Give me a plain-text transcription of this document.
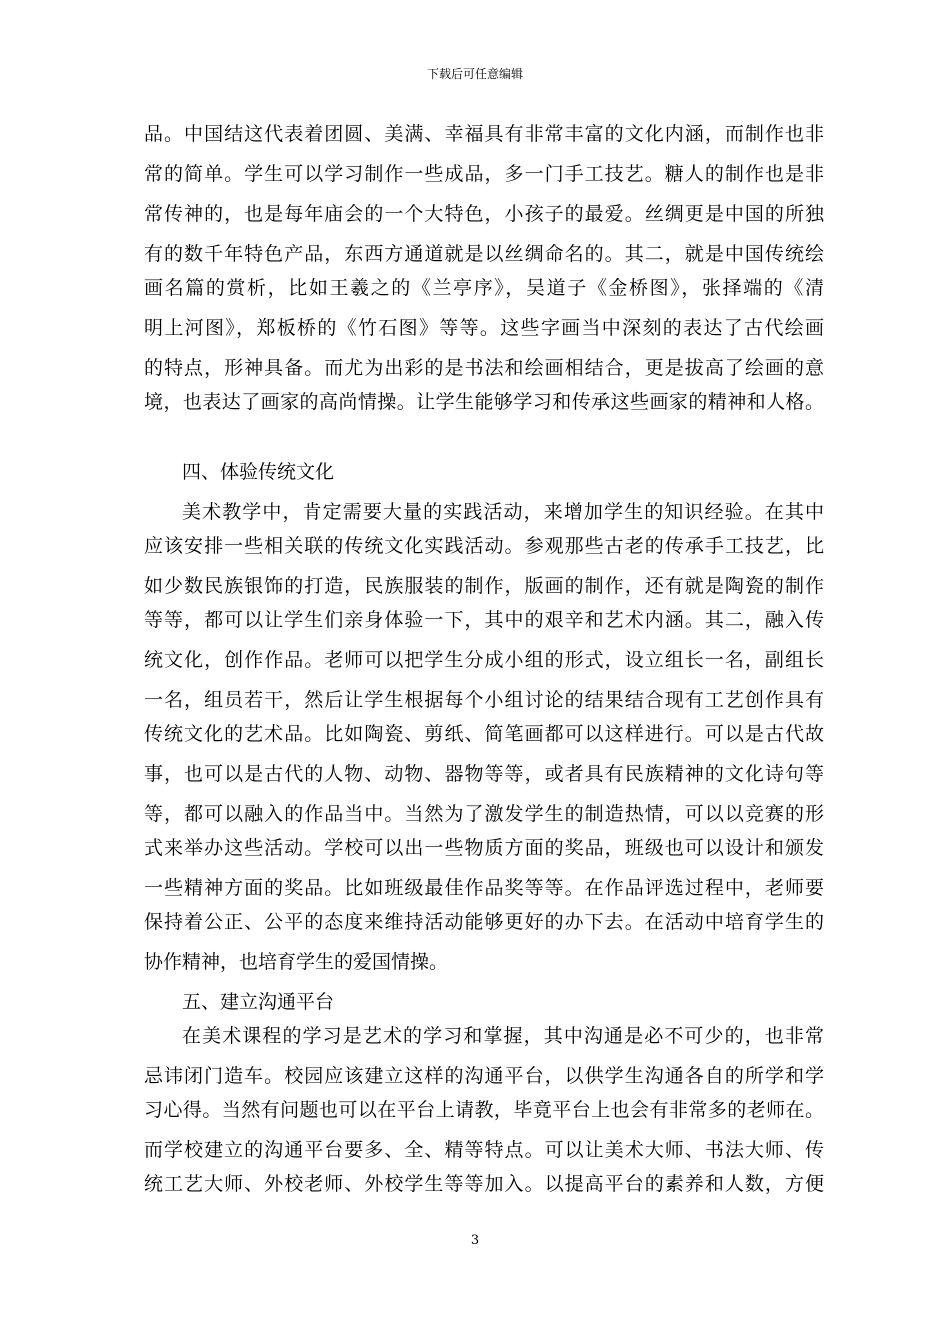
下载后可任意编辑
品。中国结这代表着团圆、美满、幸福具有非常丰富的文化内涵，而制作也非
常的简单。学生可以学习制作一些成品，多一门手工技艺。糖人的制作也是非
常传神的，也是每年庙会的一个大特色，小孩子的最爱。丝绸更是中国的所独
有的数千年特色产品，东西方通道就是以丝绸命名的。其二，就是中国传统绘
画名篇的赏析，比如王羲之的《兰亭序》，吴道子《金桥图》，张择端的《清
明上河图》，郑板桥的《竹石图》等等。这些字画当中深刻的表达了古代绘画
的特点，形神具备。而尤为出彩的是书法和绘画相结合，更是拔高了绘画的意
境，也表达了画家的高尚情操。让学生能够学习和传承这些画家的精神和人格。
四、体验传统文化
美术教学中，肯定需要大量的实践活动，来增加学生的知识经验。在其中
应该安排一些相关联的传统文化实践活动。参观那些古老的传承手工技艺，比
如少数民族银饰的打造，民族服装的制作，版画的制作，还有就是陶瓷的制作
等等，都可以让学生们亲身体验一下，其中的艰辛和艺术内涵。其二，融入传
统文化，创作作品。老师可以把学生分成小组的形式，设立组长一名，副组长
一名，组员若干，然后让学生根据每个小组讨论的结果结合现有工艺创作具有
传统文化的艺术品。比如陶瓷、剪纸、简笔画都可以这样进行。可以是古代故
事，也可以是古代的人物、动物、器物等等，或者具有民族精神的文化诗句等
等，都可以融入的作品当中。当然为了激发学生的制造热情，可以以竞赛的形
式来举办这些活动。学校可以出一些物质方面的奖品，班级也可以设计和颁发
一些精神方面的奖品。比如班级最佳作品奖等等。在作品评选过程中，老师要
保持着公正、公平的态度来维持活动能够更好的办下去。在活动中培育学生的
协作精神，也培育学生的爱国情操。
五、建立沟通平台
在美术课程的学习是艺术的学习和掌握，其中沟通是必不可少的，也非常
忌讳闭门造车。校园应该建立这样的沟通平台，以供学生沟通各自的所学和学
习心得。当然有问题也可以在平台上请教，毕竟平台上也会有非常多的老师在。
而学校建立的沟通平台要多、全、精等特点。可以让美术大师、书法大师、传
统工艺大师、外校老师、外校学生等等加入。以提高平台的素养和人数，方便
3
